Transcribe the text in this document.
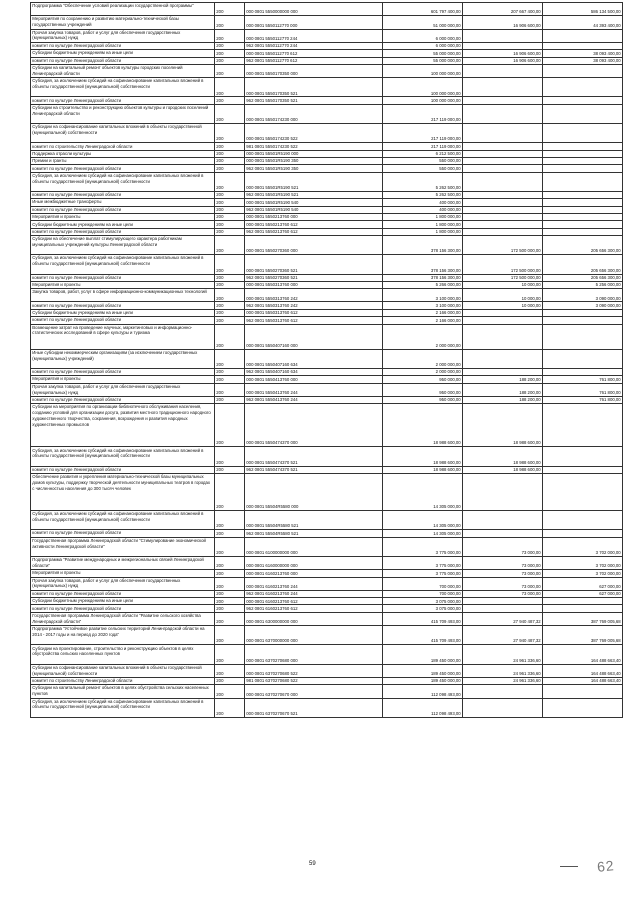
Подпрограмма "Обеспечение условий реализации государственной программы"	200	000 0801 5550000000 000	601 797 400,00	207 667 400,00	586 134 500,00
Мероприятия по сохранению и развитию материально-технической базы государственных учреждений	200	000 0801 5550112770 000	51 000 000,00	16 906 600,00	44 393 400,00
Прочая закупка товаров, работ и услуг для обеспечения государственных (муниципальных) нужд	200	000 0801 5550112770 244	6 000 000,00		
комитет по культуре Ленинградской области	200	962 0801 5550112770 244	6 000 000,00		
Субсидии бюджетным учреждениям на иные цели	200	000 0801 5550112770 612	55 000 000,00	16 906 600,00	38 093 400,00
комитет по культуре Ленинградской области	200	962 0801 5550112770 612	55 000 000,00	16 906 600,00	38 093 400,00
Субсидии на капитальный ремонт объектов культуры городских поселений Ленинградской области	200	000 0801 5550170350 000	100 000 000,00		
Субсидия, за исключением субсидий на софинансирование капитальных вложений в объекты государственной (муниципальной) собственности	200	000 0801 5550170350 521	100 000 000,00		
комитет по культуре Ленинградской области	200	962 0801 5550170350 521	100 000 000,00		
Субсидии на строительство и реконструкцию объектов культуры и городских поселений Ленинградской области	200	000 0801 5550174230 000	217 119 000,00		
Субсидии на софинансирование капитальных вложений в объекты государственной (муниципальной) собственности	200	000 0801 5550174230 522	217 119 000,00		
комитет по строительству Ленинградской области	200	981 0801 5550174230 522	217 119 000,00		
Поддержка отрасли культуры	200	000 0801 55501R5190 000	6 212 500,00		
Премии и гранты	200	000 0801 55501R5190 350	550 000,00		
комитет по культуре Ленинградской области	200	962 0801 55501R5190 350	550 000,00		
Субсидия, за исключением субсидий на софинансирование капитальных вложений в объекты государственной (муниципальной) собственности	200	000 0801 55501R5190 521	5 262 500,00		
комитет по культуре Ленинградской области	200	962 0801 55501R5190 521	5 262 500,00		
Иные межбюджетные трансферты	200	000 0801 55501R5190 540	400 000,00		
комитет по культуре Ленинградской области	200	962 0801 55501R5190 540	400 000,00		
Мероприятия и проекты	200	000 0801 5550213760 000	1 800 000,00		
Субсидии бюджетным учреждениям на иные цели	200	000 0801 5550213760 612	1 800 000,00		
комитет по культуре Ленинградской области	200	962 0801 5550213760 612	1 800 000,00		
Субсидии на обеспечение выплат стимулирующего характера работникам муниципальных учреждений культуры Ленинградской области	200	000 0801 5550270360 000	378 156 300,00	172 500 000,00	205 656 300,00
Субсидия, за исключением субсидий на софинансирование капитальных вложений в объекты государственной (муниципальной) собственности	200	000 0801 5550270360 521	378 156 300,00	172 500 000,00	205 656 300,00
комитет по культуре Ленинградской области	200	962 0801 5550270360 521	378 156 300,00	172 500 000,00	205 656 300,00
Мероприятия и проекты	200	000 0801 5550313760 000	5 266 000,00	10 000,00	5 256 000,00
Закупка товаров, работ, услуг в сфере информационно-коммуникационных технологий	200	000 0801 5550313760 242	3 100 000,00	10 000,00	3 090 000,00
комитет по культуре Ленинградской области	200	962 0801 5550313760 242	3 100 000,00	10 000,00	3 090 000,00
Субсидии бюджетным учреждениям на иные цели	200	000 0801 5550313760 612	2 166 000,00		
комитет по культуре Ленинградской области	200	962 0801 5550313760 612	2 166 000,00		
Возмещение затрат на проведение научных, маркетинговых и информационно-статистических исследований в сфере культуры и туризма	200	000 0801 5550407160 000	2 000 000,00		
Иные субсидии некоммерческим организациям (за исключением государственных (муниципальных) учреждений)	200	000 0801 5550407160 634	2 000 000,00		
комитет по культуре Ленинградской области	200	962 0801 5550407160 634	2 000 000,00		
Мероприятия и проекты	200	000 0801 5550413760 000	950 000,00	188 200,00	761 800,00
Прочая закупка товаров, работ и услуг для обеспечения государственных (муниципальных) нужд	200	000 0801 5550413760 244	950 000,00	188 200,00	761 800,00
комитет по культуре Ленинградской области	200	962 0801 5550413760 244	950 000,00	188 200,00	761 800,00
Субсидии на мероприятия по организации библиотечного обслуживания населения, созданию условий для организации досуга, развития местного традиционного народного художественного творчества, сохранения, возрождения и развития народных художественных промыслов	200	000 0801 5550474370 000	18 988 600,00	18 988 600,00	
Субсидия, за исключением субсидий на софинансирование капитальных вложений в объекты государственной (муниципальной) собственности	200	000 0801 5550474370 521	18 988 600,00	18 988 600,00	
комитет по культуре Ленинградской области	200	962 0801 5550474370 521	18 988 600,00	18 988 600,00	
Обеспечение развития и укрепления материально-технической базы муниципальных домов культуры, поддержку творческой деятельности муниципальных театров в городах с численностью населения до 300 тысяч человек	200	000 0801 55504R5580 000	14 305 000,00		
Субсидия, за исключением субсидий на софинансирование капитальных вложений в объекты государственной (муниципальной) собственности	200	000 0801 55504R5580 521	14 305 000,00		
комитет по культуре Ленинградской области	200	962 0801 55504R5580 521	14 305 000,00		
Государственная программа Ленинградской области "Стимулирование экономической активности Ленинградской области"	200	000 0801 6100000000 000	3 775 000,00	73 000,00	3 702 000,00
Подпрограмма "Развитие международных и межрегиональных связей Ленинградской области"	200	000 0801 6160000000 000	3 775 000,00	73 000,00	3 702 000,00
Мероприятия и проекты	200	000 0801 6160213760 000	3 775 000,00	73 000,00	3 702 000,00
Прочая закупка товаров, работ и услуг для обеспечения государственных (муниципальных) нужд	200	000 0801 6160213760 244	700 000,00	73 000,00	627 000,00
комитет по культуре Ленинградской области	200	962 0801 6160213760 244	700 000,00	73 000,00	627 000,00
Субсидии бюджетным учреждениям на иные цели	200	000 0801 6160213760 612	3 075 000,00		
комитет по культуре Ленинградской области	200	962 0801 6160213760 612	3 075 000,00		
Государственная программа Ленинградской области "Развитие сельского хозяйства Ленинградской области"	200	000 0801 6300000000 000	415 709 493,00	27 940 487,32	387 769 005,68
Подпрограмма "Устойчивое развитие сельских территорий Ленинградской области на 2014 - 2017 годы и на период до 2020 года"	200	000 0801 6370000000 000	415 709 493,00	27 940 487,32	387 769 005,68
Субсидии на проектирование, строительство и реконструкцию объектов в целях обустройства сельских населенных пунктов	200	000 0801 6370270680 000	189 450 000,00	24 961 336,60	164 488 663,40
Субсидии на софинансирование капитальных вложений в объекты государственной (муниципальной) собственности	200	000 0801 6370270680 522	189 450 000,00	24 961 336,60	164 488 663,40
комитет по строительству Ленинградской области	200	981 0801 6370270680 522	189 450 000,00	24 961 336,60	164 488 663,40
Субсидии на капитальный ремонт объектов в целях обустройства сельских населенных пунктов	200	000 0801 6370270670 000	112 098 493,00		
Субсидия, за исключением субсидий на софинансирование капитальных вложений в объекты государственной (муниципальной) собственности	200	000 0801 6370270670 521	112 098 493,00		
59	62
